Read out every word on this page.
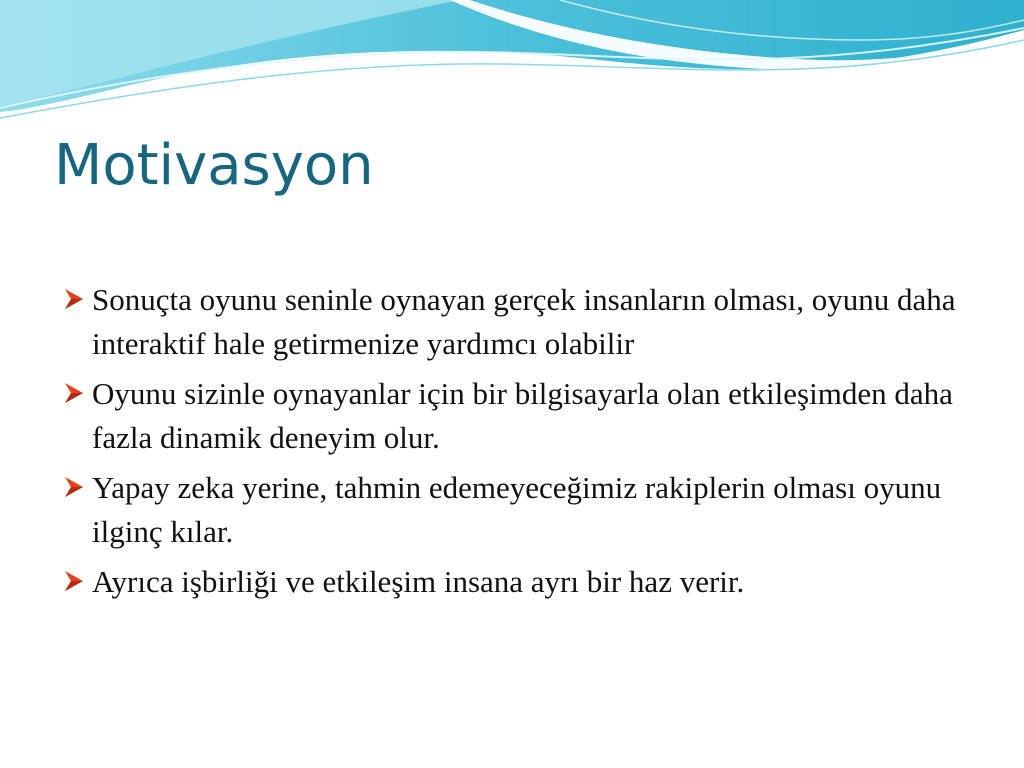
Motivasyon
Sonuçta oyunu seninle oynayan gerçek insanların olması, oyunu daha interaktif hale getirmenize yardımcı olabilir
Oyunu sizinle oynayanlar için bir bilgisayarla olan etkileşimden daha fazla dinamik deneyim olur.
Yapay zeka yerine, tahmin edemeyeceğimiz rakiplerin olması oyunu ilginç kılar.
Ayrıca işbirliği ve etkileşim insana ayrı bir haz verir.
